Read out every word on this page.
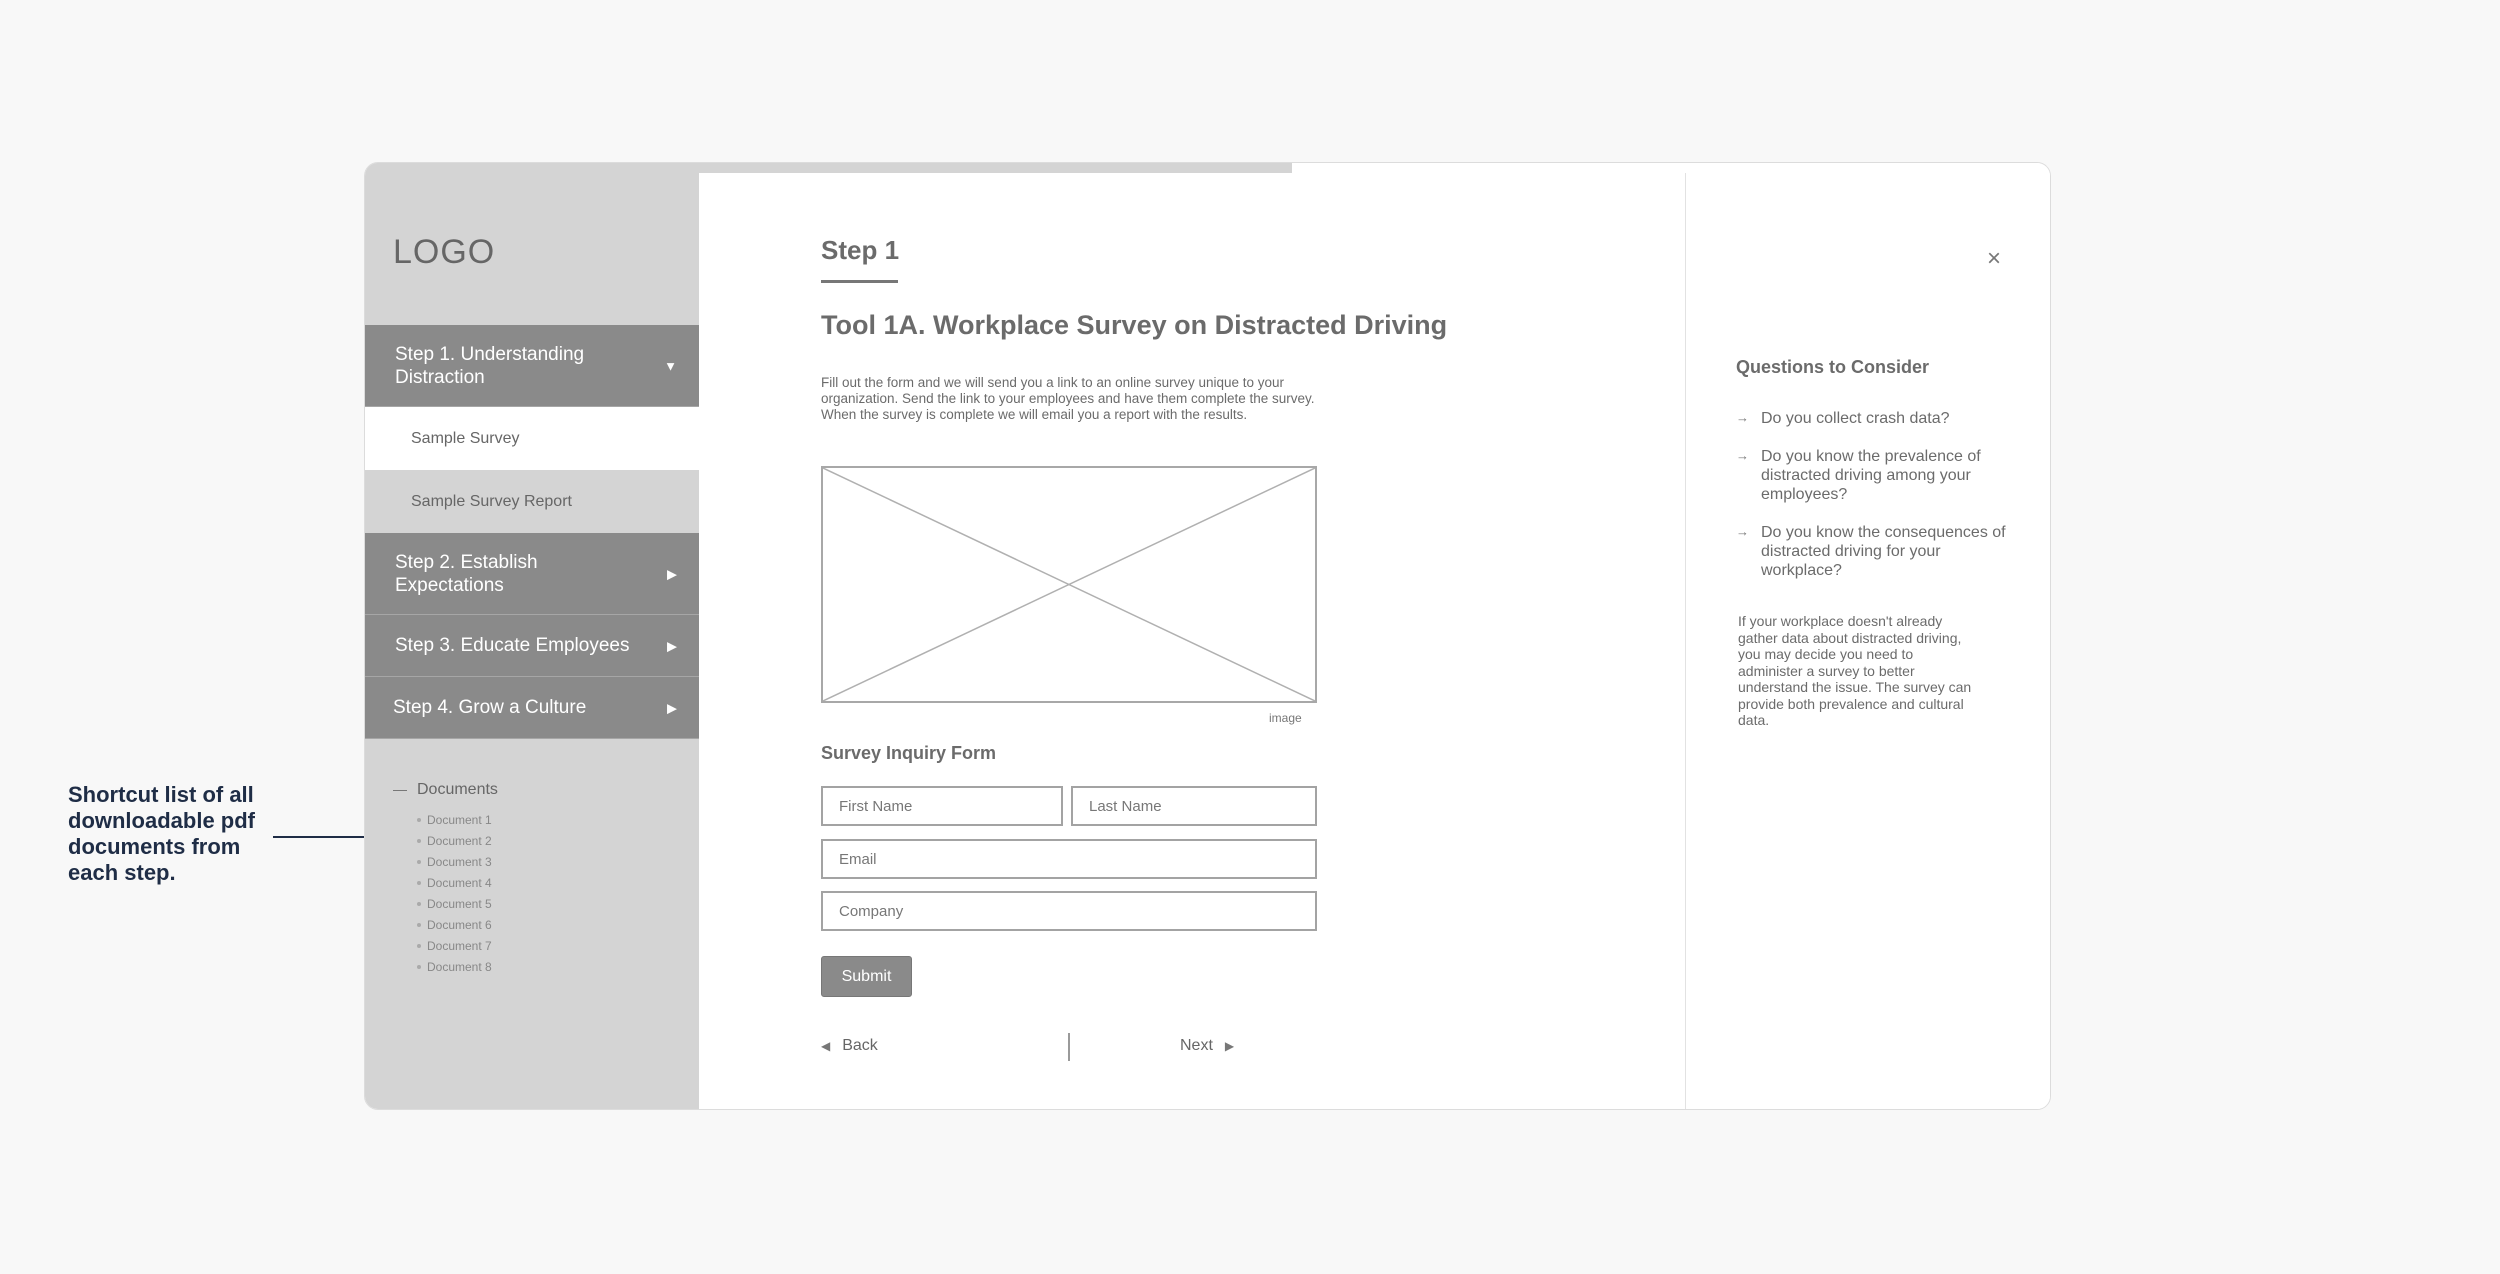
Shortcut list of all downloadable pdf documents from each step.
LOGO
Step 1. Understanding Distraction
▼
Sample Survey
Sample Survey Report
Step 2. Establish Expectations
▶
Step 3. Educate Employees	▶
Step 4. Grow a Culture	▶
Documents
Document 1
Document 2
Document 3
Document 4
Document 5
Document 6
Document 7
Document 8
Step 1
Tool 1A. Workplace Survey on Distracted Driving

Fill out the form and we will send you a link to an online survey unique to your organization. Send the link to your employees and have them complete the survey. When the survey is complete we will email you a report with the results.

image
Survey Inquiry Form
First Name
Last Name
Email
Company
Submit
◀ Back	Next ▶
×
Questions to Consider
→ Do you collect crash data?
→ Do you know the prevalence of distracted driving among your employees?
→ Do you know the consequences of distracted driving for your workplace?

If your workplace doesn't already gather data about distracted driving, you may decide you need to administer a survey to better understand the issue. The survey can provide both prevalence and cultural data.
